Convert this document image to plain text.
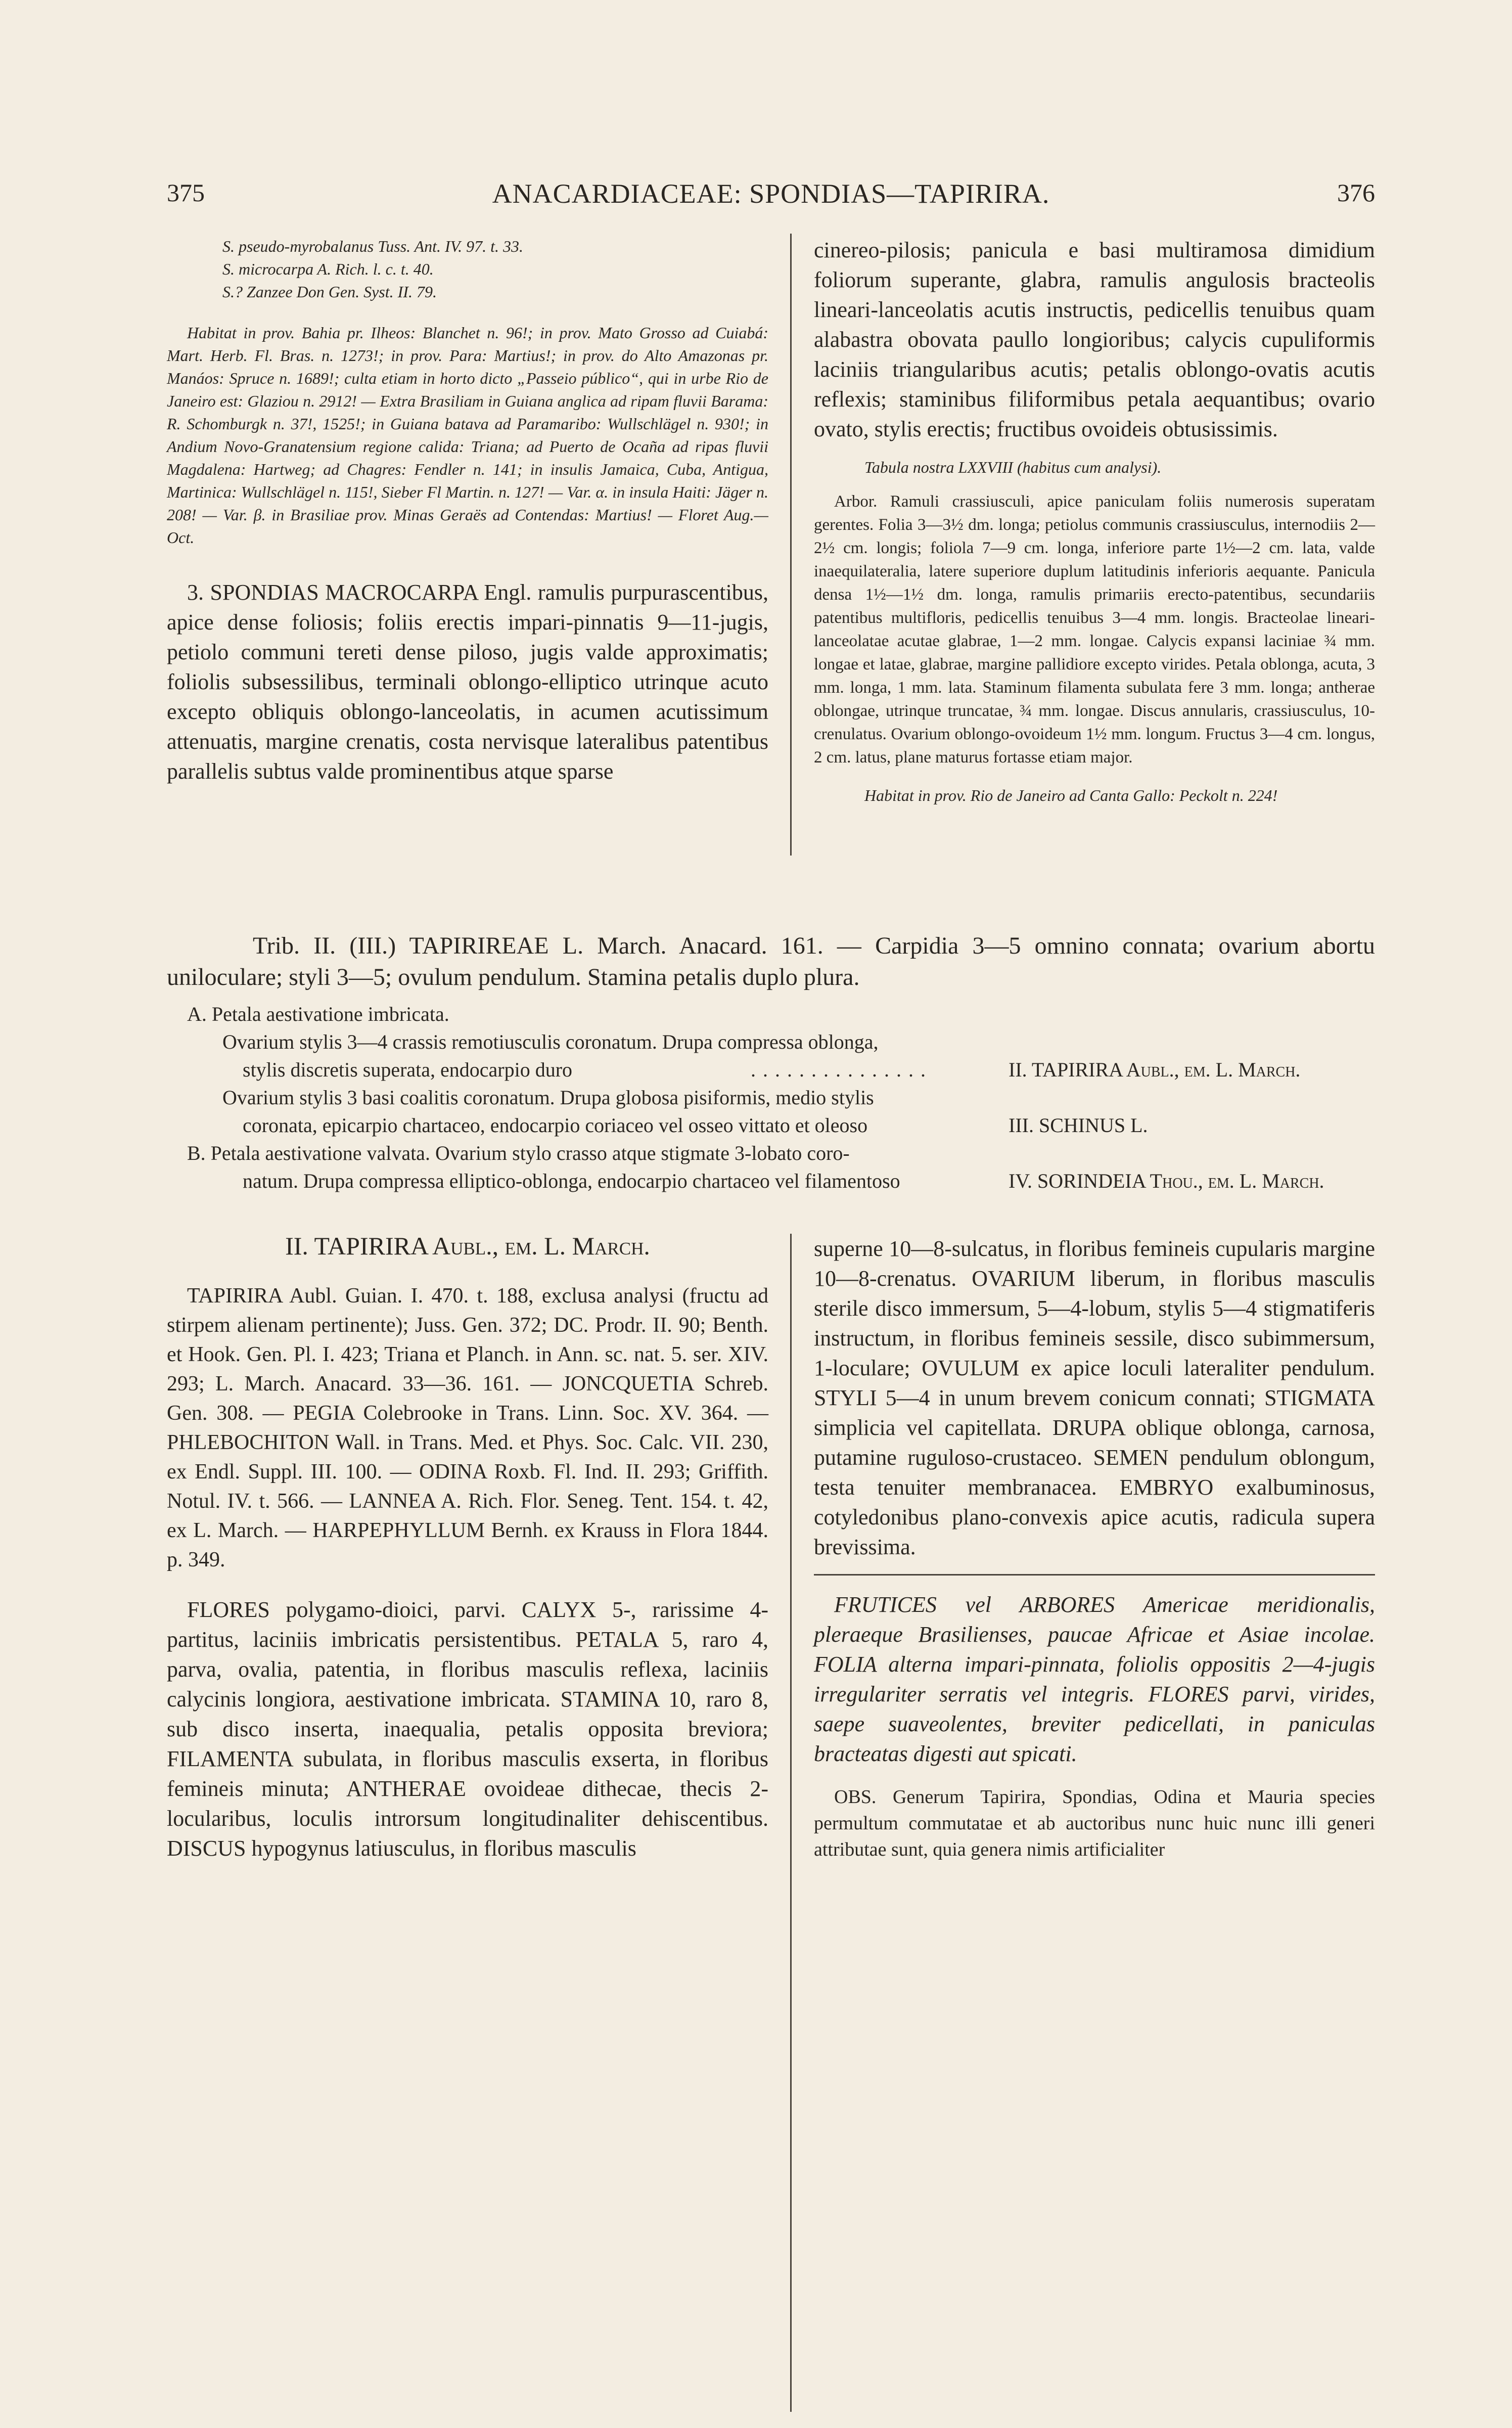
375	ANACARDIACEAE: SPONDIAS—TAPIRIRA.	376

S. pseudo-myrobalanus Tuss. Ant. IV. 97. t. 33.

S. microcarpa A. Rich. l. c. t. 40.

S.? Zanzee Don Gen. Syst. II. 79.

Habitat in prov. Bahia pr. Ilheos: Blanchet n. 96!; in prov. Mato Grosso ad Cuiabá: Mart. Herb. Fl. Bras. n. 1273!; in prov. Para: Martius!; in prov. do Alto Amazonas pr. Manáos: Spruce n. 1689!; culta etiam in horto dicto „Passeio público“, qui in urbe Rio de Janeiro est: Glaziou n. 2912! — Extra Brasiliam in Guiana anglica ad ripam fluvii Barama: R. Schomburgk n. 37!, 1525!; in Guiana batava ad Paramaribo: Wullschlägel n. 930!; in Andium Novo-Granatensium regione calida: Triana; ad Puerto de Ocaña ad ripas fluvii Magdalena: Hartweg; ad Chagres: Fendler n. 141; in insulis Jamaica, Cuba, Antigua, Martinica: Wullschlägel n. 115!, Sieber Fl Martin. n. 127! — Var. α. in insula Haiti: Jäger n. 208! — Var. β. in Brasiliae prov. Minas Geraës ad Contendas: Martius! — Floret Aug.—Oct.

3. SPONDIAS MACROCARPA Engl. ramulis purpurascentibus, apice dense foliosis; foliis erectis impari-pinnatis 9—11-jugis, petiolo communi tereti dense piloso, jugis valde approximatis; foliolis subsessilibus, terminali oblongo-elliptico utrinque acuto excepto obliquis oblongo-lanceolatis, in acumen acutissimum attenuatis, margine crenatis, costa nervisque lateralibus patentibus parallelis subtus valde prominentibus atque sparse

cinereo-pilosis; panicula e basi multiramosa dimidium foliorum superante, glabra, ramulis angulosis bracteolis lineari-lanceolatis acutis instructis, pedicellis tenuibus quam alabastra obovata paullo longioribus; calycis cupuliformis laciniis triangularibus acutis; petalis oblongo-ovatis acutis reflexis; staminibus filiformibus petala aequantibus; ovario ovato, stylis erectis; fructibus ovoideis obtusissimis.

Tabula nostra LXXVIII (habitus cum analysi).

Arbor. Ramuli crassiusculi, apice paniculam foliis numerosis superatam gerentes. Folia 3—3½ dm. longa; petiolus communis crassiusculus, internodiis 2—2½ cm. longis; foliola 7—9 cm. longa, inferiore parte 1½—2 cm. lata, valde inaequilateralia, latere superiore duplum latitudinis inferioris aequante. Panicula densa 1½—1½ dm. longa, ramulis primariis erecto-patentibus, secundariis patentibus multifloris, pedicellis tenuibus 3—4 mm. longis. Bracteolae lineari-lanceolatae acutae glabrae, 1—2 mm. longae. Calycis expansi laciniae ¾ mm. longae et latae, glabrae, margine pallidiore excepto virides. Petala oblonga, acuta, 3 mm. longa, 1 mm. lata. Staminum filamenta subulata fere 3 mm. longa; antherae oblongae, utrinque truncatae, ¾ mm. longae. Discus annularis, crassiusculus, 10-crenulatus. Ovarium oblongo-ovoideum 1½ mm. longum. Fructus 3—4 cm. longus, 2 cm. latus, plane maturus fortasse etiam major.

Habitat in prov. Rio de Janeiro ad Canta Gallo: Peckolt n. 224!

Trib. II. (III.) TAPIRIREAE L. March. Anacard. 161. — Carpidia 3—5 omnino connata; ovarium abortu uniloculare; styli 3—5; ovulum pendulum. Stamina petalis duplo plura.

A. Petala aestivatione imbricata.
Ovarium stylis 3—4 crassis remotiusculis coronatum. Drupa compressa oblonga,
stylis discretis superata, endocarpio duro	...............	II. TAPIRIRA Aubl., em. L. March.
Ovarium stylis 3 basi coalitis coronatum. Drupa globosa pisiformis, medio stylis
coronata, epicarpio chartaceo, endocarpio coriaceo vel osseo vittato et oleoso	III. SCHINUS L.
B. Petala aestivatione valvata. Ovarium stylo crasso atque stigmate 3-lobato coro-
natum. Drupa compressa elliptico-oblonga, endocarpio chartaceo vel filamentoso	IV. SORINDEIA Thou., em. L. March.

II. TAPIRIRA Aubl., em. L. March.

TAPIRIRA Aubl. Guian. I. 470. t. 188, exclusa analysi (fructu ad stirpem alienam pertinente); Juss. Gen. 372; DC. Prodr. II. 90; Benth. et Hook. Gen. Pl. I. 423; Triana et Planch. in Ann. sc. nat. 5. ser. XIV. 293; L. March. Anacard. 33—36. 161. — JONCQUETIA Schreb. Gen. 308. — PEGIA Colebrooke in Trans. Linn. Soc. XV. 364. — PHLEBOCHITON Wall. in Trans. Med. et Phys. Soc. Calc. VII. 230, ex Endl. Suppl. III. 100. — ODINA Roxb. Fl. Ind. II. 293; Griffith. Notul. IV. t. 566. — LANNEA A. Rich. Flor. Seneg. Tent. 154. t. 42, ex L. March. — HARPEPHYLLUM Bernh. ex Krauss in Flora 1844. p. 349.

FLORES polygamo-dioici, parvi. CALYX 5-, rarissime 4-partitus, laciniis imbricatis persistentibus. PETALA 5, raro 4, parva, ovalia, patentia, in floribus masculis reflexa, laciniis calycinis longiora, aestivatione imbricata. STAMINA 10, raro 8, sub disco inserta, inaequalia, petalis opposita breviora; FILAMENTA subulata, in floribus masculis exserta, in floribus femineis minuta; ANTHERAE ovoideae dithecae, thecis 2-locularibus, loculis introrsum longitudinaliter dehiscentibus. DISCUS hypogynus latiusculus, in floribus masculis

superne 10—8-sulcatus, in floribus femineis cupularis margine 10—8-crenatus. OVARIUM liberum, in floribus masculis sterile disco immersum, 5—4-lobum, stylis 5—4 stigmatiferis instructum, in floribus femineis sessile, disco subimmersum, 1-loculare; OVULUM ex apice loculi lateraliter pendulum. STYLI 5—4 in unum brevem conicum connati; STIGMATA simplicia vel capitellata. DRUPA oblique oblonga, carnosa, putamine ruguloso-crustaceo. SEMEN pendulum oblongum, testa tenuiter membranacea. EMBRYO exalbuminosus, cotyledonibus plano-convexis apice acutis, radicula supera brevissima.

FRUTICES vel ARBORES Americae meridionalis, pleraeque Brasilienses, paucae Africae et Asiae incolae. FOLIA alterna impari-pinnata, foliolis oppositis 2—4-jugis irregulariter serratis vel integris. FLORES parvi, virides, saepe suaveolentes, breviter pedicellati, in paniculas bracteatas digesti aut spicati.

OBS. Generum Tapirira, Spondias, Odina et Mauria species permultum commutatae et ab auctoribus nunc huic nunc illi generi attributae sunt, quia genera nimis artificialiter
